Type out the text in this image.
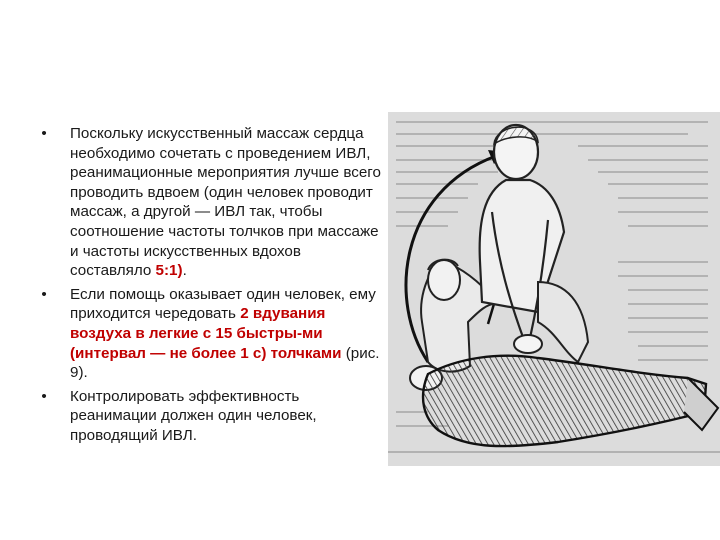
•	Поскольку искусственный массаж сердца необходимо сочетать с проведением ИВЛ, реанимационные мероприятия лучше всего проводить вдвоем (один человек проводит массаж, а другой — ИВЛ так, чтобы соотношение частоты толчков при массаже и частоты искусственных вдохов составляло 5:1).
•	Если помощь оказывает один человек, ему приходится чередовать 2 вдувания воздуха в легкие с 15 быстры-ми (интервал — не более 1 с) толчками (рис. 9).
•	Контролировать эффективность реанимации должен один человек, проводящий ИВЛ.
